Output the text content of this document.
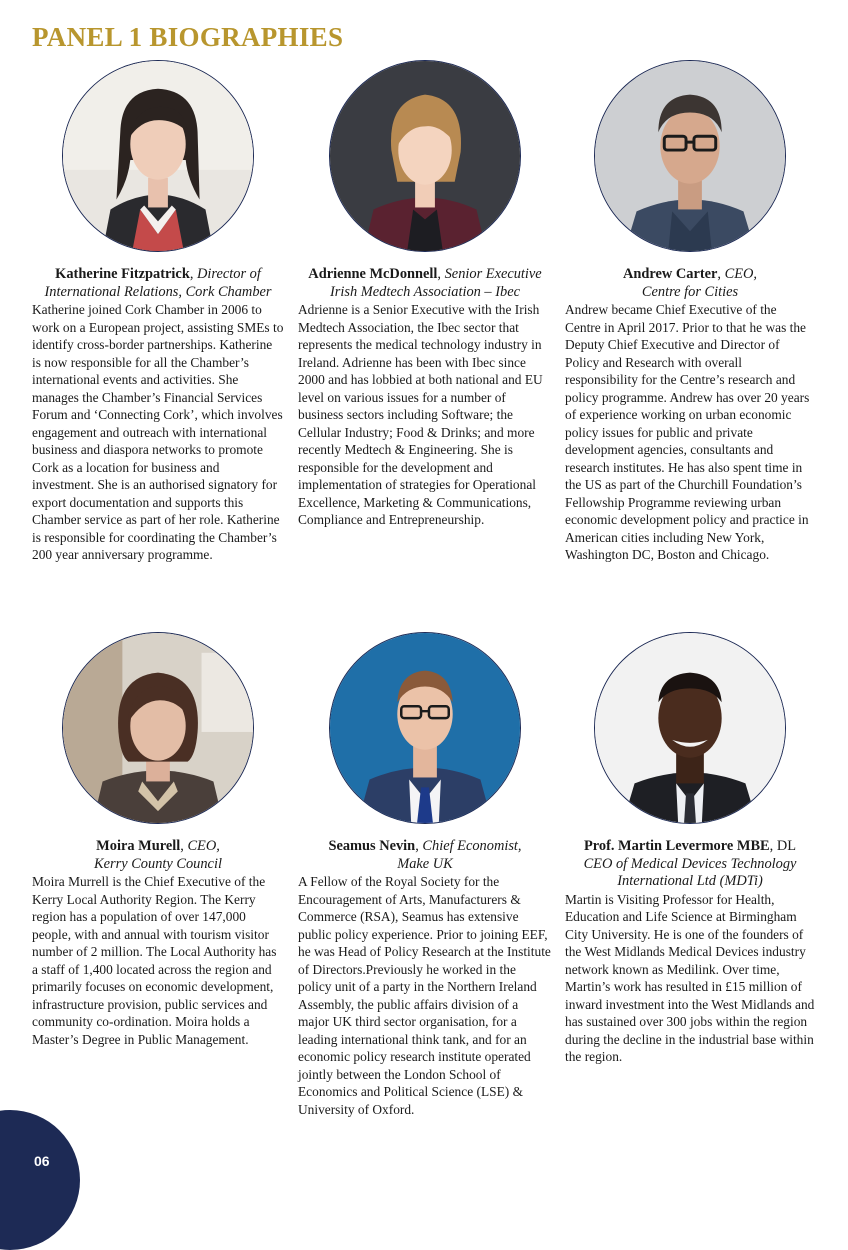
PANEL 1 BIOGRAPHIES
Katherine Fitzpatrick, Director of
International Relations, Cork Chamber

Katherine joined Cork Chamber in 2006 to work on a European project, assisting SMEs to identify cross-border partnerships. Katherine is now responsible for all the Chamber’s international events and activities. She manages the Chamber’s Financial Services Forum and ‘Connecting Cork’, which involves engagement and outreach with international business and diaspora networks to promote Cork as a location for business and investment. She is an authorised signatory for export documentation and supports this Chamber service as part of her role. Katherine is responsible for coordinating the Chamber’s 200 year anniversary programme.

Adrienne McDonnell, Senior Executive
Irish Medtech Association – Ibec

Adrienne is a Senior Executive with the Irish Medtech Association, the Ibec sector that represents the medical technology industry in Ireland. Adrienne has been with Ibec since 2000 and has lobbied at both national and EU level on various issues for a number of business sectors including Software; the Cellular Industry; Food & Drinks; and more recently Medtech & Engineering. She is responsible for the development and implementation of strategies for Operational Excellence, Marketing & Communications, Compliance and Entrepreneurship.

Andrew Carter, CEO,
Centre for Cities

Andrew became Chief Executive of the Centre in April 2017. Prior to that he was the Deputy Chief Executive and Director of Policy and Research with overall responsibility for the Centre’s research and policy programme. Andrew has over 20 years of experience working on urban economic policy issues for public and private development agencies, consultants and research institutes. He has also spent time in the US as part of the Churchill Foundation’s Fellowship Programme reviewing urban economic development policy and practice in American cities including New York, Washington DC, Boston and Chicago.

Moira Murell, CEO,
Kerry County Council

Moira Murrell is the Chief Executive of the Kerry Local Authority Region. The Kerry region has a population of over 147,000 people, with and annual with tourism visitor number of 2 million. The Local Authority has a staff of 1,400 located across the region and primarily focuses on economic development, infrastructure provision, public services and community co-ordination. Moira holds a Master’s Degree in Public Management.

Seamus Nevin, Chief Economist,
Make UK

A Fellow of the Royal Society for the Encouragement of Arts, Manufacturers & Commerce (RSA), Seamus has extensive public policy experience. Prior to joining EEF, he was Head of Policy Research at the Institute of Directors.Previously he worked in the policy unit of a party in the Northern Ireland Assembly, the public affairs division of a major UK third sector organisation, for a leading international think tank, and for an economic policy research institute operated jointly between the London School of Economics and Political Science (LSE) & University of Oxford.

Prof. Martin Levermore MBE, DL
CEO of Medical Devices Technology
International Ltd (MDTi)

Martin is Visiting Professor for Health, Education and Life Science at Birmingham City University. He is one of the founders of the West Midlands Medical Devices industry network known as Medilink. Over time, Martin’s work has resulted in £15 million of inward investment into the West Midlands and has sustained over 300 jobs within the region during the decline in the industrial base within the region.

06
